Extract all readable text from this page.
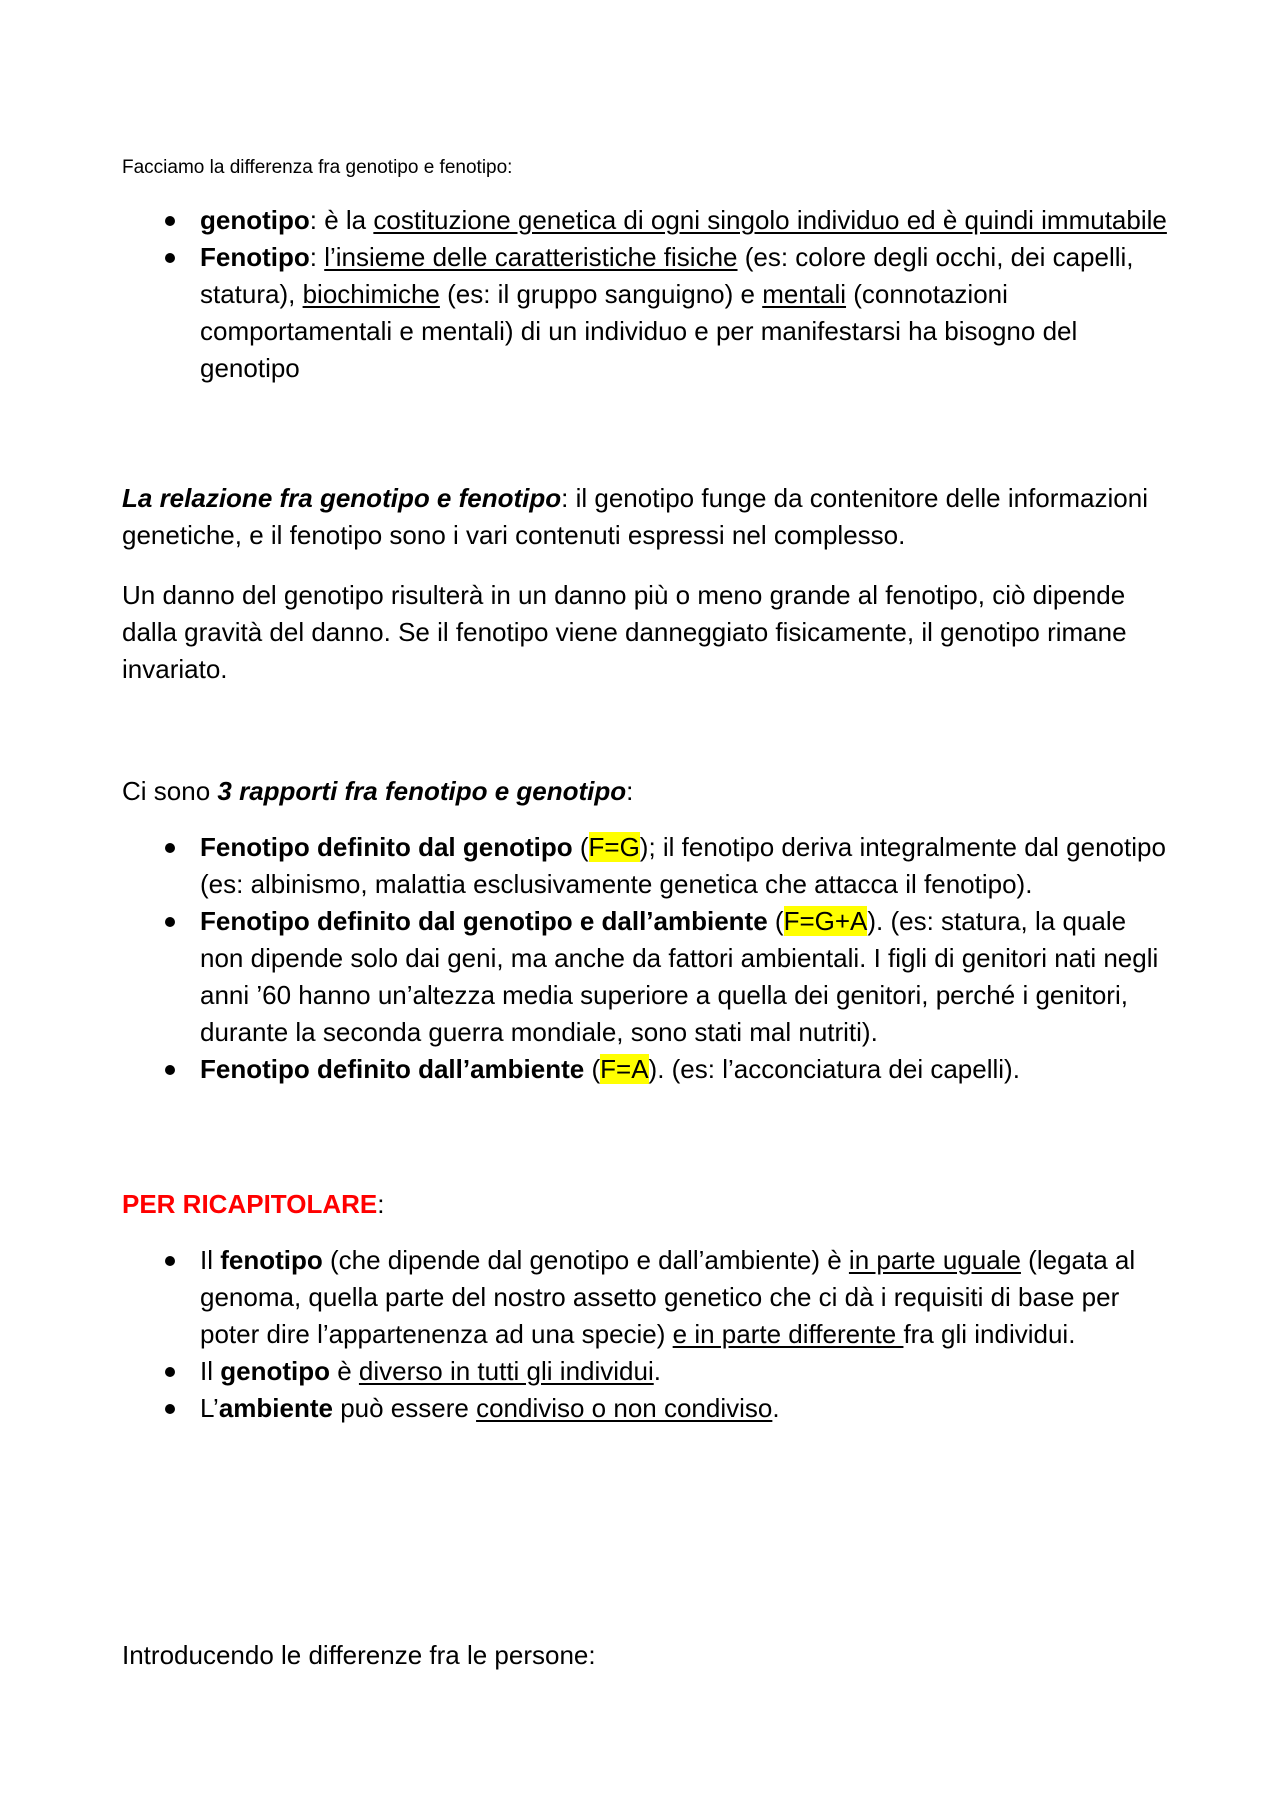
Facciamo la differenza fra genotipo e fenotipo:
genotipo: è la costituzione genetica di ogni singolo individuo ed è quindi immutabile
Fenotipo: l’insieme delle caratteristiche fisiche (es: colore degli occhi, dei capelli, statura), biochimiche (es: il gruppo sanguigno) e mentali (connotazioni comportamentali e mentali) di un individuo e per manifestarsi ha bisogno del genotipo
La relazione fra genotipo e fenotipo: il genotipo funge da contenitore delle informazioni genetiche, e il fenotipo sono i vari contenuti espressi nel complesso.
Un danno del genotipo risulterà in un danno più o meno grande al fenotipo, ciò dipende dalla gravità del danno. Se il fenotipo viene danneggiato fisicamente, il genotipo rimane invariato.
Ci sono 3 rapporti fra fenotipo e genotipo:
Fenotipo definito dal genotipo (F=G); il fenotipo deriva integralmente dal genotipo (es: albinismo, malattia esclusivamente genetica che attacca il fenotipo).
Fenotipo definito dal genotipo e dall’ambiente (F=G+A). (es: statura, la quale non dipende solo dai geni, ma anche da fattori ambientali. I figli di genitori nati negli anni ’60 hanno un’altezza media superiore a quella dei genitori, perché i genitori, durante la seconda guerra mondiale, sono stati mal nutriti).
Fenotipo definito dall’ambiente (F=A). (es: l’acconciatura dei capelli).
PER RICAPITOLARE:
Il fenotipo (che dipende dal genotipo e dall’ambiente) è in parte uguale (legata al genoma, quella parte del nostro assetto genetico che ci dà i requisiti di base per poter dire l’appartenenza ad una specie) e in parte differente fra gli individui.
Il genotipo è diverso in tutti gli individui.
L’ambiente può essere condiviso o non condiviso.
Introducendo le differenze fra le persone:
